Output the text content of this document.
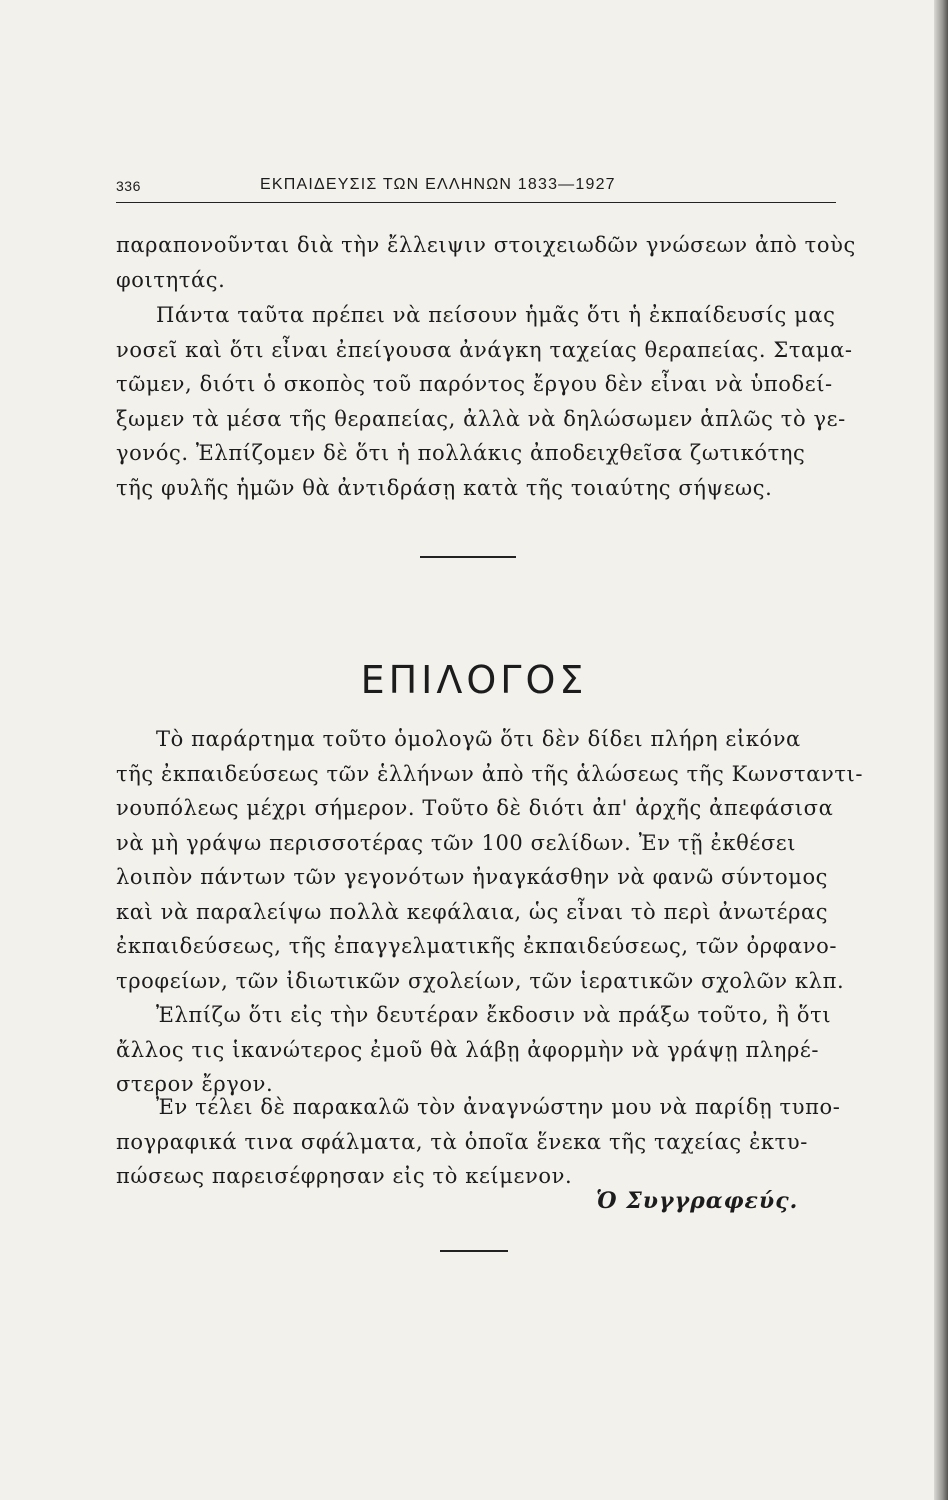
336	ΕΚΠΑΙΔΕΥΣΙΣ ΤΩΝ ΕΛΛΗΝΩΝ 1833—1927

παραπονοῦνται διὰ τὴν ἔλλειψιν στοιχειωδῶν γνώσεων ἀπὸ τοὺς
φοιτητάς.

Πάντα ταῦτα πρέπει νὰ πείσουν ἡμᾶς ὅτι ἡ ἐκπαίδευσίς μας
νοσεῖ καὶ ὅτι εἶναι ἐπείγουσα ἀνάγκη ταχείας θεραπείας. Σταμα-
τῶμεν, διότι ὁ σκοπὸς τοῦ παρόντος ἔργου δὲν εἶναι νὰ ὑποδεί-
ξωμεν τὰ μέσα τῆς θεραπείας, ἀλλὰ νὰ δηλώσωμεν ἁπλῶς τὸ γε-
γονός. Ἐλπίζομεν δὲ ὅτι ἡ πολλάκις ἀποδειχθεῖσα ζωτικότης
τῆς φυλῆς ἡμῶν θὰ ἀντιδράσῃ κατὰ τῆς τοιαύτης σήψεως.

ΕΠΙΛΟΓΟΣ

Τὸ παράρτημα τοῦτο ὁμολογῶ ὅτι δὲν δίδει πλήρη εἰκόνα
τῆς ἐκπαιδεύσεως τῶν ἑλλήνων ἀπὸ τῆς ἁλώσεως τῆς Κωνσταντι-
νουπόλεως μέχρι σήμερον. Τοῦτο δὲ διότι ἀπ' ἀρχῆς ἀπεφάσισα
νὰ μὴ γράψω περισσοτέρας τῶν 100 σελίδων. Ἐν τῇ ἐκθέσει
λοιπὸν πάντων τῶν γεγονότων ἠναγκάσθην νὰ φανῶ σύντομος
καὶ νὰ παραλείψω πολλὰ κεφάλαια, ὡς εἶναι τὸ περὶ ἀνωτέρας
ἐκπαιδεύσεως, τῆς ἐπαγγελματικῆς ἐκπαιδεύσεως, τῶν ὀρφανο-
τροφείων, τῶν ἰδιωτικῶν σχολείων, τῶν ἱερατικῶν σχολῶν κλπ.

Ἐλπίζω ὅτι εἰς τὴν δευτέραν ἔκδοσιν νὰ πράξω τοῦτο, ἢ ὅτι
ἄλλος τις ἱκανώτερος ἐμοῦ θὰ λάβῃ ἀφορμὴν νὰ γράψῃ πληρέ-
στερον ἔργον.

Ἐν τέλει δὲ παρακαλῶ τὸν ἀναγνώστην μου νὰ παρίδῃ τυπο-
πογραφικά τινα σφάλματα, τὰ ὁποῖα ἕνεκα τῆς ταχείας ἐκτυ-
πώσεως παρεισέφρησαν εἰς τὸ κείμενον.

Ὁ Συγγραφεύς.
